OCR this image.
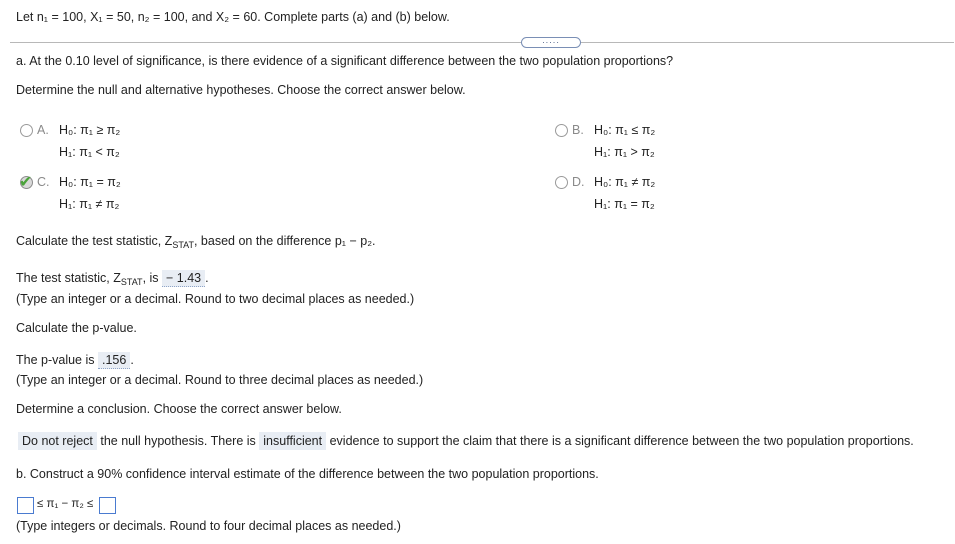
Let n₁ = 100, X₁ = 50, n₂ = 100, and X₂ = 60. Complete parts (a) and (b) below.
.....
a. At the 0.10 level of significance, is there evidence of a significant difference between the two population proportions?
Determine the null and alternative hypotheses. Choose the correct answer below.
A. H₀: π₁ ≥ π₂
H₁: π₁ < π₂
B. H₀: π₁ ≤ π₂
H₁: π₁ > π₂
✔ C. H₀: π₁ = π₂
H₁: π₁ ≠ π₂
D. H₀: π₁ ≠ π₂
H₁: π₁ = π₂
Calculate the test statistic, $Z_{STAT}$, based on the difference p₁ − p₂.
The test statistic, $Z_{STAT}$, is − 1.43 .
(Type an integer or a decimal. Round to two decimal places as needed.)
Calculate the p-value.
The p-value is .156 .
(Type an integer or a decimal. Round to three decimal places as needed.)
Determine a conclusion. Choose the correct answer below.
Do not reject the null hypothesis. There is insufficient evidence to support the claim that there is a significant difference between the two population proportions.
b. Construct a 90% confidence interval estimate of the difference between the two population proportions.
≤ π₁ − π₂ ≤
(Type integers or decimals. Round to four decimal places as needed.)
